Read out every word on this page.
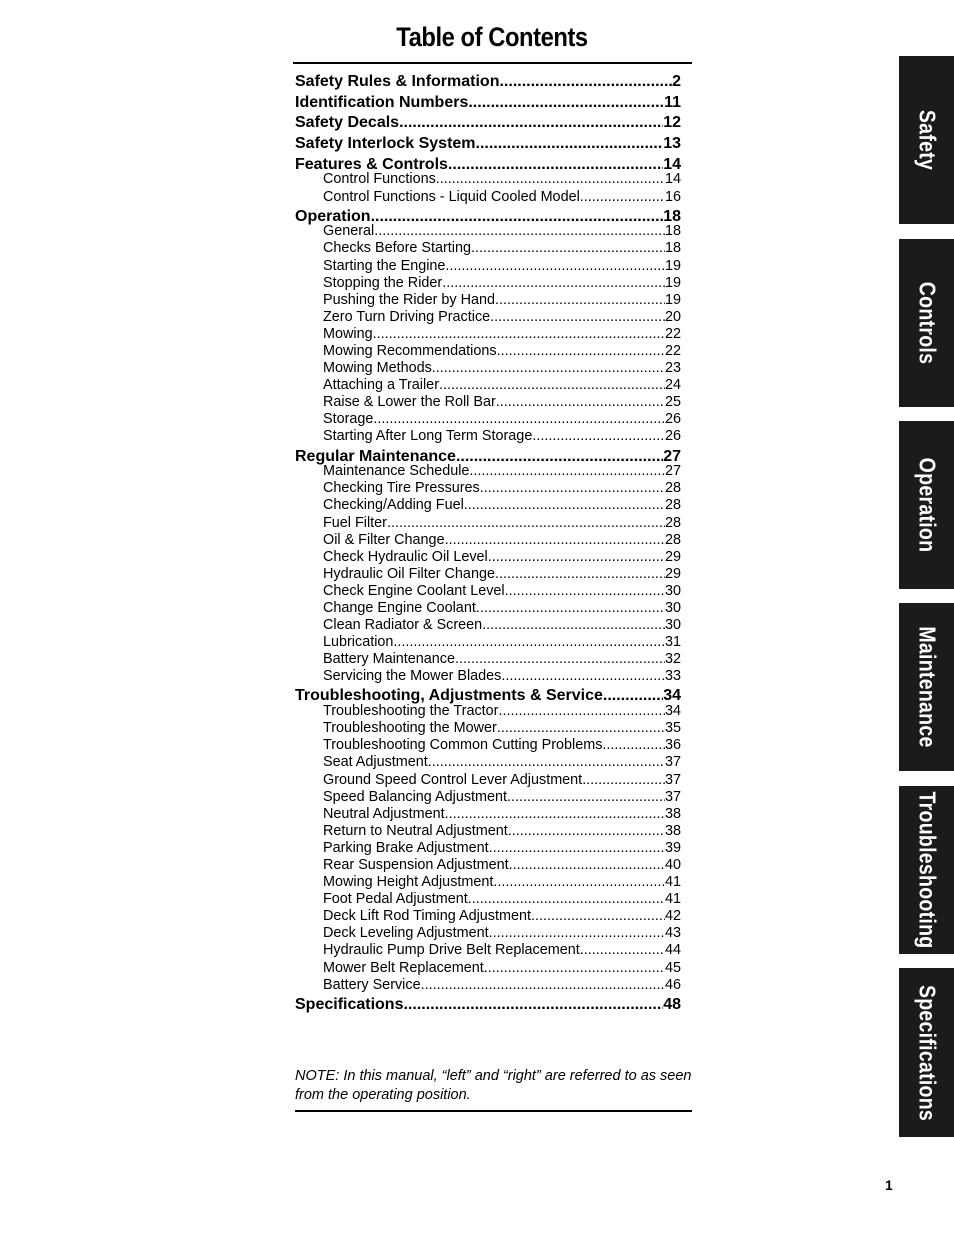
Table of Contents
Safety Rules & Information .....	2
Identification Numbers .....	11
Safety Decals .....	12
Safety Interlock System .....	13
Features & Controls .....	14
Control Functions .....	14
Control Functions - Liquid Cooled Model .....	16
Operation .....	18
General .....	18
Checks Before Starting .....	18
Starting the Engine .....	19
Stopping the Rider .....	19
Pushing the Rider by Hand .....	19
Zero Turn Driving Practice .....	20
Mowing .....	22
Mowing Recommendations .....	22
Mowing Methods .....	23
Attaching a Trailer .....	24
Raise & Lower the Roll Bar .....	25
Storage .....	26
Starting After Long Term Storage .....	26
Regular Maintenance .....	27
Maintenance Schedule .....	27
Checking Tire Pressures .....	28
Checking/Adding Fuel .....	28
Fuel Filter .....	28
Oil & Filter Change .....	28
Check Hydraulic Oil Level .....	29
Hydraulic Oil Filter Change .....	29
Check Engine Coolant Level .....	30
Change Engine Coolant .....	30
Clean Radiator & Screen .....	30
Lubrication .....	31
Battery Maintenance .....	32
Servicing the Mower Blades .....	33
Troubleshooting, Adjustments & Service .....	34
Troubleshooting the Tractor .....	34
Troubleshooting the Mower .....	35
Troubleshooting Common Cutting Problems .....	36
Seat Adjustment .....	37
Ground Speed Control Lever Adjustment .....	37
Speed Balancing Adjustment .....	37
Neutral Adjustment .....	38
Return to Neutral Adjustment .....	38
Parking Brake Adjustment .....	39
Rear Suspension Adjustment .....	40
Mowing Height Adjustment .....	41
Foot Pedal Adjustment .....	41
Deck Lift Rod Timing Adjustment .....	42
Deck Leveling Adjustment .....	43
Hydraulic Pump Drive Belt Replacement .....	44
Mower Belt Replacement .....	45
Battery Service .....	46
Specifications .....	48
NOTE: In this manual, “left” and “right” are referred to as seen from the operating position.
Safety
Controls
Operation
Maintenance
Troubleshooting
Specifications
1
